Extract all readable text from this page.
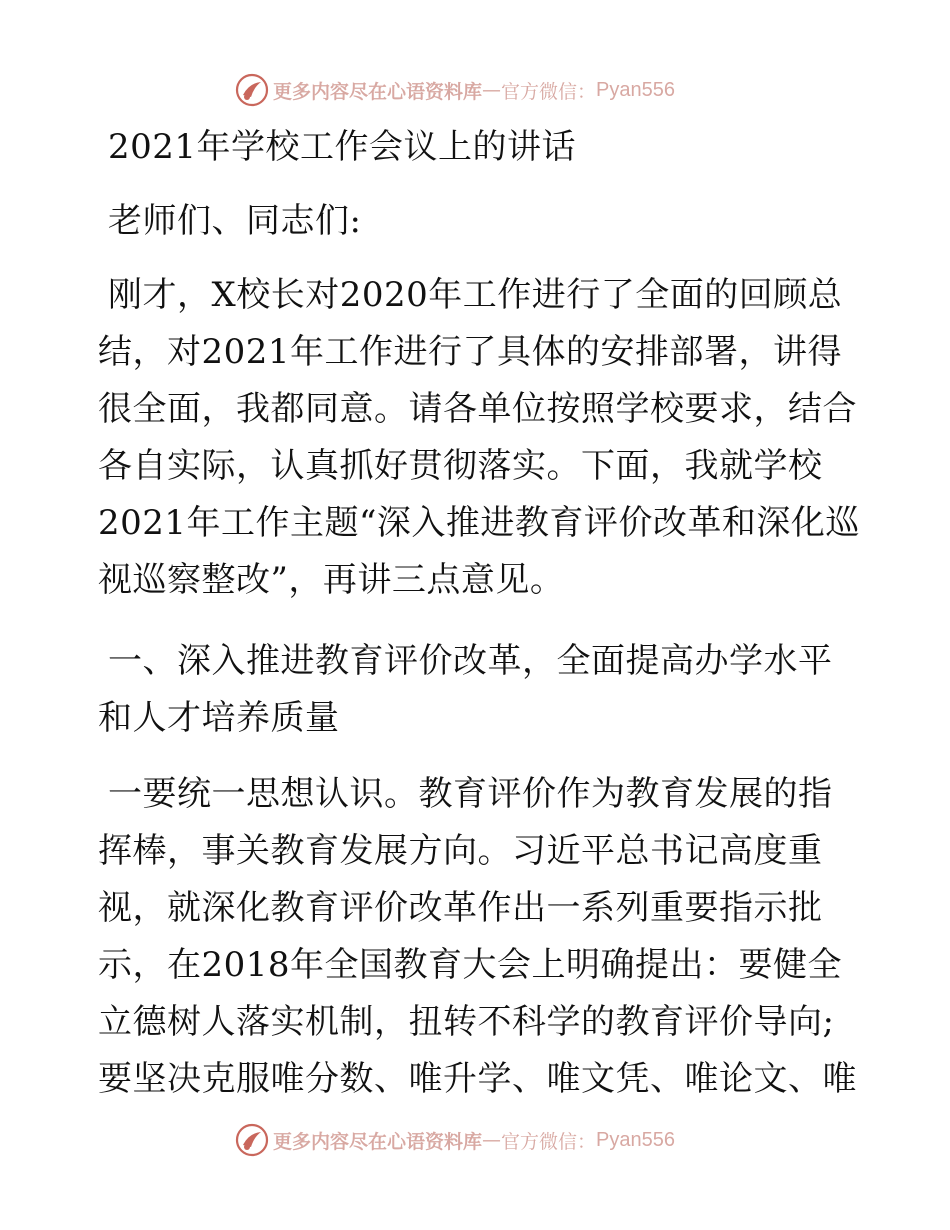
更多内容尽在心语资料库 — 官方微信： Pyan556
2021年学校工作会议上的讲话
老师们、同志们:
刚才，X校长对2020年工作进行了全面的回顾总
结，对2021年工作进行了具体的安排部署，讲得
很全面，我都同意。请各单位按照学校要求，结合
各自实际，认真抓好贯彻落实。下面，我就学校
2021年工作主题“深入推进教育评价改革和深化巡
视巡察整改”，再讲三点意见。
一、深入推进教育评价改革，全面提高办学水平
和人才培养质量
一要统一思想认识。教育评价作为教育发展的指
挥棒，事关教育发展方向。习近平总书记高度重
视，就深化教育评价改革作出一系列重要指示批
示，在2018年全国教育大会上明确提出：要健全
立德树人落实机制，扭转不科学的教育评价导向;
要坚决克服唯分数、唯升学、唯文凭、唯论文、唯
更多内容尽在心语资料库 — 官方微信： Pyan556
